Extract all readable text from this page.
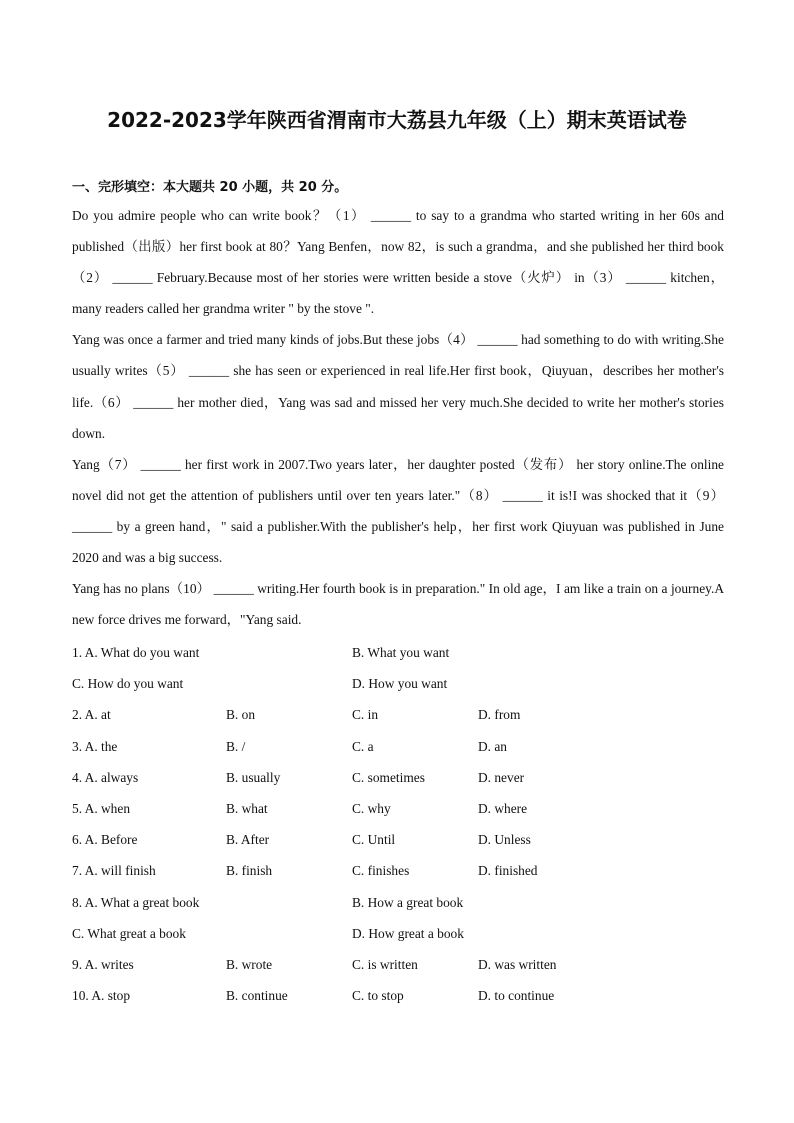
2022-2023学年陕西省渭南市大荔县九年级（上）期末英语试卷
一、完形填空：本大题共 20 小题，共 20 分。

Do you admire people who can write book？（1） ______ to say to a grandma who started writing in her 60s and published（出版）her first book at 80？Yang Benfen，now 82，is such a grandma，and she published her third book（2） ______ February.Because most of her stories were written beside a stove（火炉） in（3） ______ kitchen，many readers called her grandma writer " by the stove ".

Yang was once a farmer and tried many kinds of jobs.But these jobs（4） ______ had something to do with writing.She usually writes（5） ______ she has seen or experienced in real life.Her first book，Qiuyuan，describes her mother's life.（6） ______ her mother died，Yang was sad and missed her very much.She decided to write her mother's stories down.

Yang（7） ______ her first work in 2007.Two years later，her daughter posted（发布） her story online.The online novel did not get the attention of publishers until over ten years later."（8） ______ it is!I was shocked that it（9） ______ by a green hand，" said a publisher.With the publisher's help，her first work Qiuyuan was published in June 2020 and was a big success.

Yang has no plans（10） ______ writing.Her fourth book is in preparation." In old age，I am like a train on a journey.A new force drives me forward，"Yang said.

1. A. What do you want	B. What you want
C. How do you want	D. How you want
2. A. at	B. on	C. in	D. from
3. A. the	B. /	C. a	D. an
4. A. always	B. usually	C. sometimes	D. never
5. A. when	B. what	C. why	D. where
6. A. Before	B. After	C. Until	D. Unless
7. A. will finish	B. finish	C. finishes	D. finished
8. A. What a great book	B. How a great book
C. What great a book	D. How great a book
9. A. writes	B. wrote	C. is written	D. was written
10. A. stop	B. continue	C. to stop	D. to continue
